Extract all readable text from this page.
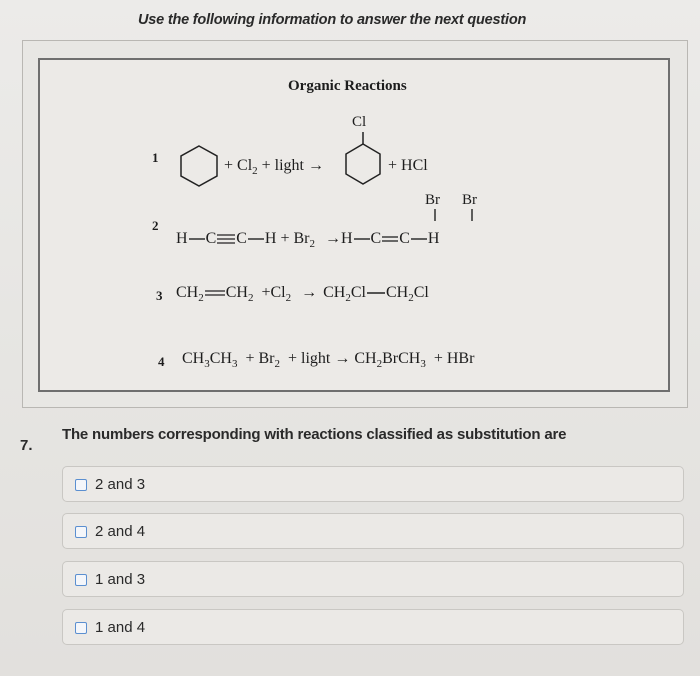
Use the following information to answer the next question
Organic Reactions
1	+ $Cl_2$ + light →
Cl
+ HCl
2
Br Br
H C C $H + Br_2 \to H$ C C H
3 $CH_2$ $CH_2 +Cl_2 \to CH_2Cl$ $CH_2Cl$
4 $CH_3CH_3 + Br_2$ + light → $CH_2BrCH_3$ + HBr
7.
The numbers corresponding with reactions classified as substitution are
2 and 3
2 and 4
1 and 3
1 and 4
